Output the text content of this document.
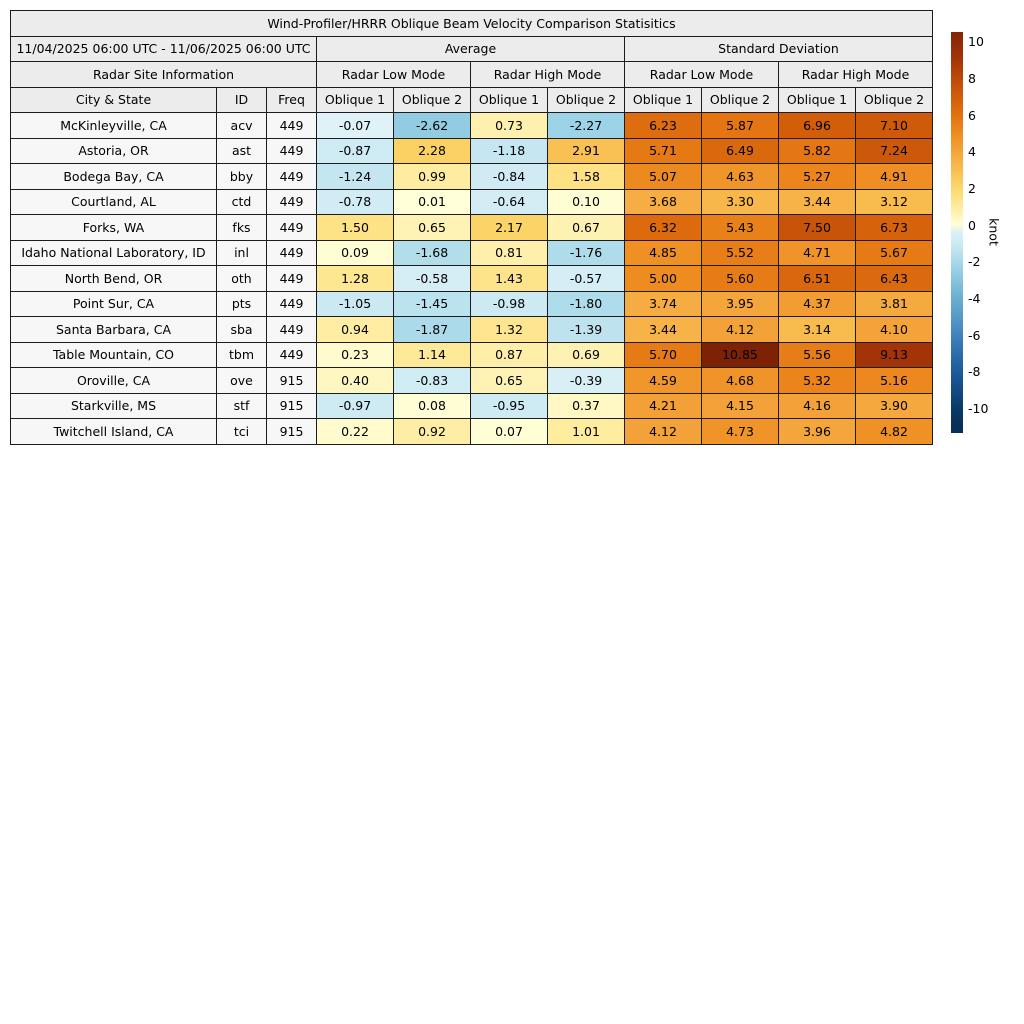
Wind-Profiler/HRRR Oblique Beam Velocity Comparison Statisitics										
11/04/2025 06:00 UTC - 11/06/2025 06:00 UTC			Average				Standard Deviation			
Radar Site Information			Radar Low Mode		Radar High Mode		Radar Low Mode		Radar High Mode	
City & State	ID	Freq	Oblique 1	Oblique 2	Oblique 1	Oblique 2	Oblique 1	Oblique 2	Oblique 1	Oblique 2
McKinleyville, CA	acv	449	-0.07	-2.62	0.73	-2.27	6.23	5.87	6.96	7.10
Astoria, OR	ast	449	-0.87	2.28	-1.18	2.91	5.71	6.49	5.82	7.24
Bodega Bay, CA	bby	449	-1.24	0.99	-0.84	1.58	5.07	4.63	5.27	4.91
Courtland, AL	ctd	449	-0.78	0.01	-0.64	0.10	3.68	3.30	3.44	3.12
Forks, WA	fks	449	1.50	0.65	2.17	0.67	6.32	5.43	7.50	6.73
Idaho National Laboratory, ID	inl	449	0.09	-1.68	0.81	-1.76	4.85	5.52	4.71	5.67
North Bend, OR	oth	449	1.28	-0.58	1.43	-0.57	5.00	5.60	6.51	6.43
Point Sur, CA	pts	449	-1.05	-1.45	-0.98	-1.80	3.74	3.95	4.37	3.81
Santa Barbara, CA	sba	449	0.94	-1.87	1.32	-1.39	3.44	4.12	3.14	4.10
Table Mountain, CO	tbm	449	0.23	1.14	0.87	0.69	5.70	10.85	5.56	9.13
Oroville, CA	ove	915	0.40	-0.83	0.65	-0.39	4.59	4.68	5.32	5.16
Starkville, MS	stf	915	-0.97	0.08	-0.95	0.37	4.21	4.15	4.16	3.90
Twitchell Island, CA	tci	915	0.22	0.92	0.07	1.01	4.12	4.73	3.96	4.82
10
8
6
4
2
0
-2
-4
-6
-8
-10
knot
